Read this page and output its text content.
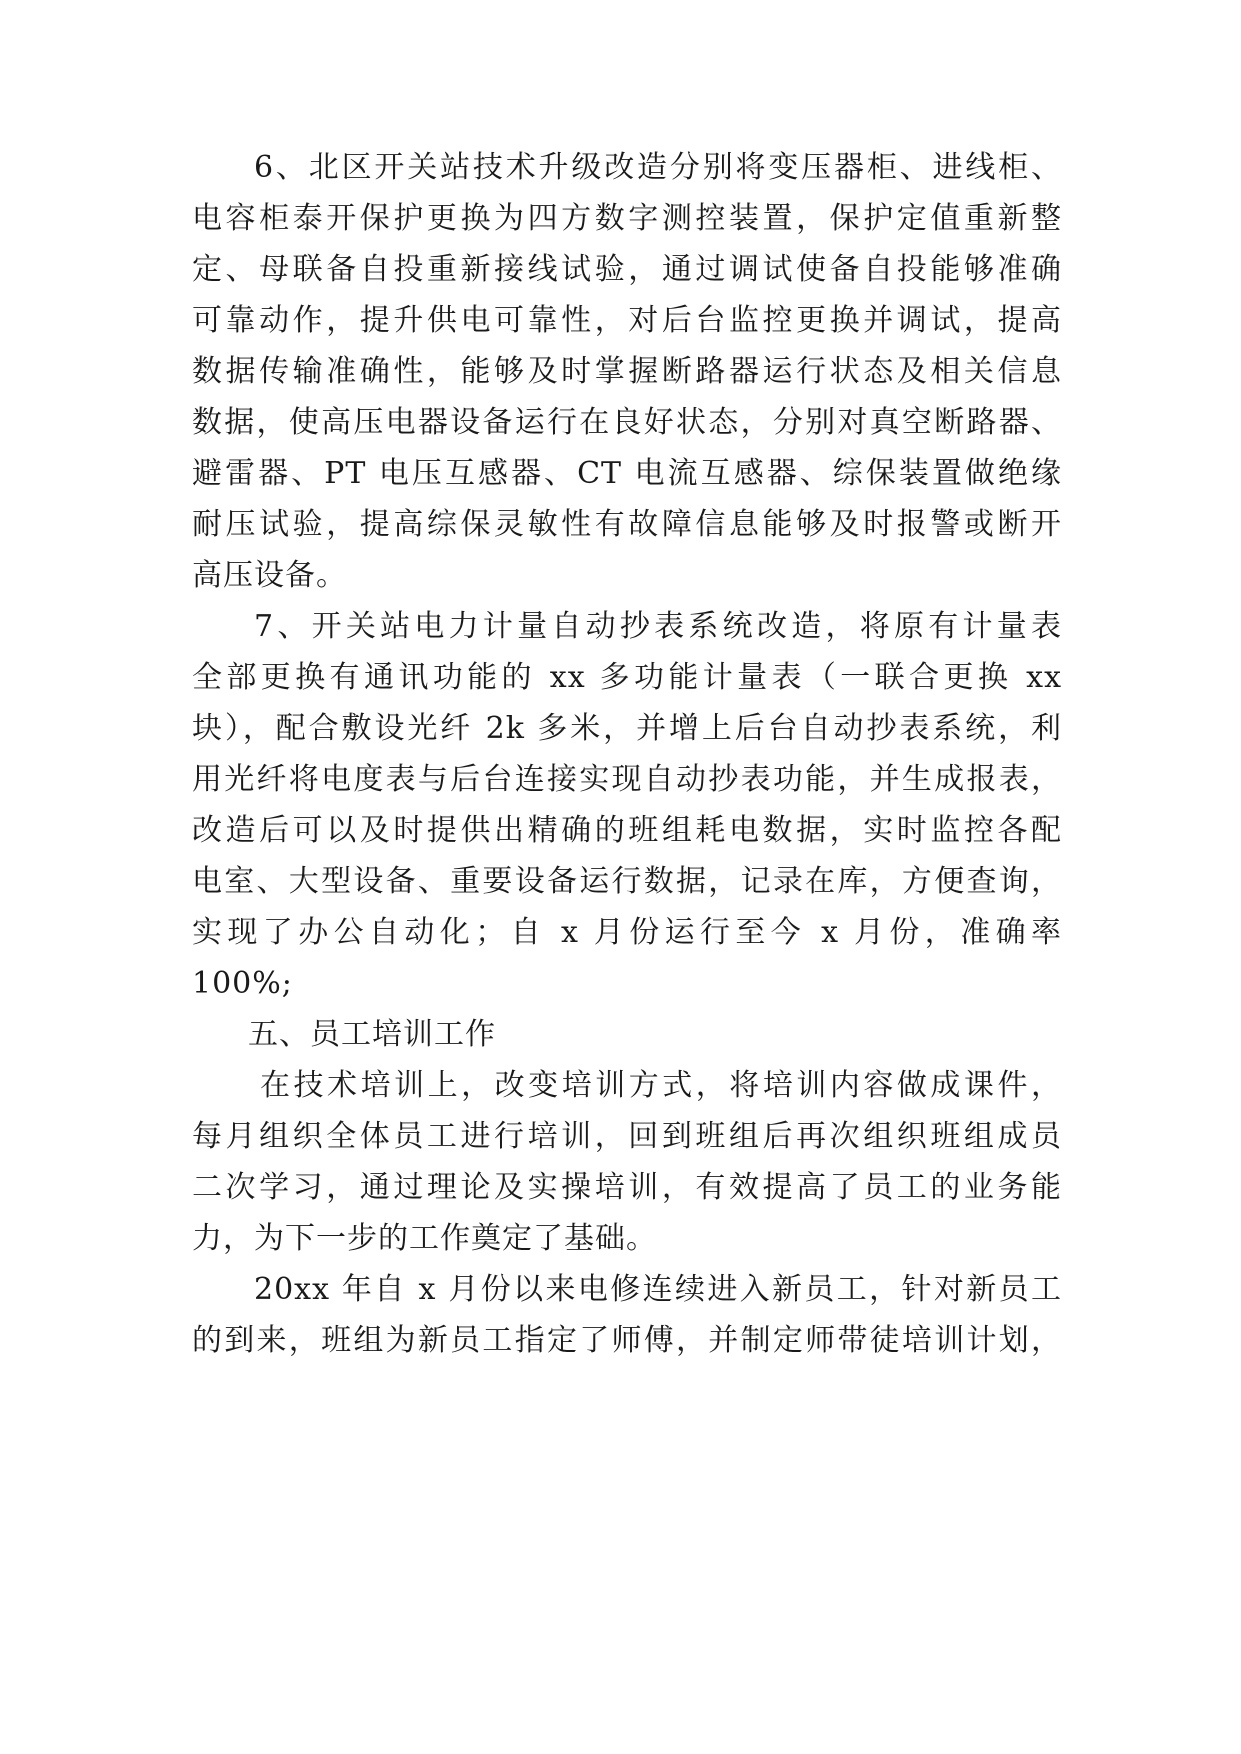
6、北区开关站技术升级改造分别将变压器柜、进线柜、
电容柜泰开保护更换为四方数字测控装置，保护定值重新整
定、母联备自投重新接线试验，通过调试使备自投能够准确
可靠动作，提升供电可靠性，对后台监控更换并调试，提高
数据传输准确性，能够及时掌握断路器运行状态及相关信息
数据，使高压电器设备运行在良好状态，分别对真空断路器、
避雷器、PT 电压互感器、CT 电流互感器、综保装置做绝缘
耐压试验，提高综保灵敏性有故障信息能够及时报警或断开
高压设备。
7、开关站电力计量自动抄表系统改造，将原有计量表
全部更换有通讯功能的 xx 多功能计量表（一联合更换 xx
块），配合敷设光纤 2k 多米，并增上后台自动抄表系统，利
用光纤将电度表与后台连接实现自动抄表功能，并生成报表，
改造后可以及时提供出精确的班组耗电数据，实时监控各配
电室、大型设备、重要设备运行数据，记录在库，方便查询，
实现了办公自动化；自 x 月份运行至今 x 月份，准确率
100%;
五、员工培训工作
在技术培训上，改变培训方式，将培训内容做成课件，
每月组织全体员工进行培训，回到班组后再次组织班组成员
二次学习，通过理论及实操培训，有效提高了员工的业务能
力，为下一步的工作奠定了基础。
20xx 年自 x 月份以来电修连续进入新员工，针对新员工
的到来，班组为新员工指定了师傅，并制定师带徒培训计划，
